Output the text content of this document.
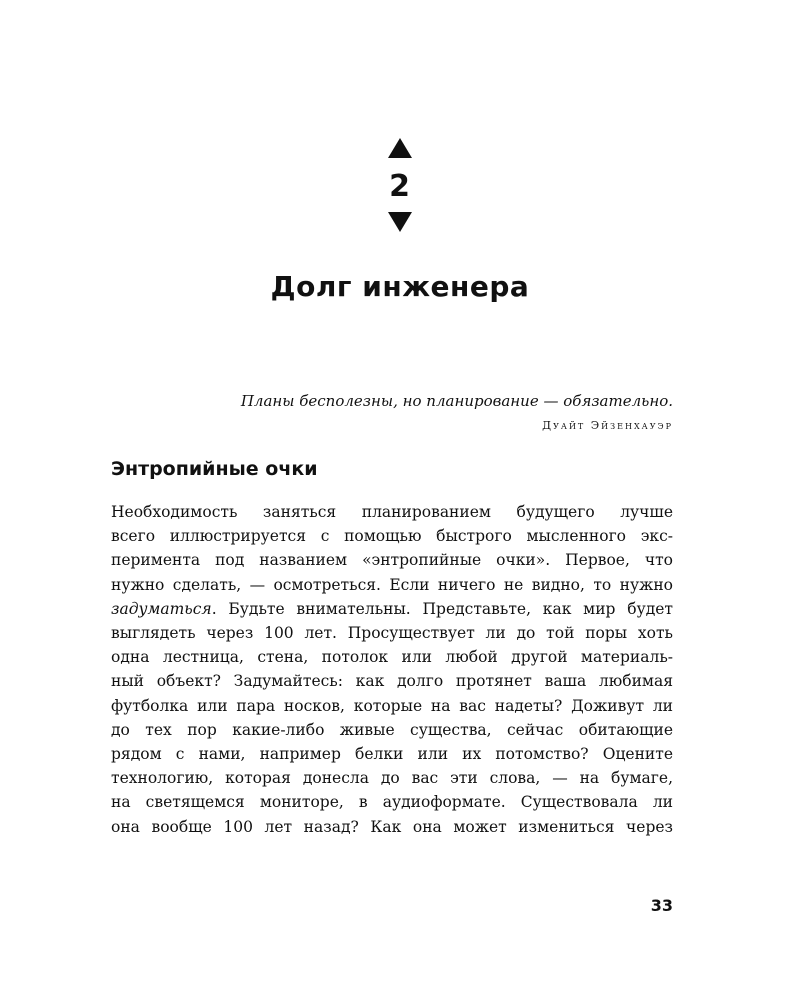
2
Долг инженера
Планы бесполезны, но планирование — обязательно.
Дуайт Эйзенхауэр
Энтропийные очки
Необходимость заняться планированием будущего лучше
всего иллюстрируется с помощью быстрого мысленного экс-
перимента под названием «энтропийные очки». Первое, что
нужно сделать, — осмотреться. Если ничего не видно, то нужно
задуматься. Будьте внимательны. Представьте, как мир будет
выглядеть через 100 лет. Просуществует ли до той поры хоть
одна лестница, стена, потолок или любой другой материаль-
ный объект? Задумайтесь: как долго протянет ваша любимая
футболка или пара носков, которые на вас надеты? Доживут ли
до тех пор какие-либо живые существа, сейчас обитающие
рядом с нами, например белки или их потомство? Оцените
технологию, которая донесла до вас эти слова, — на бумаге,
на светящемся мониторе, в аудиоформате. Существовала ли
она вообще 100 лет назад? Как она может измениться через
33
